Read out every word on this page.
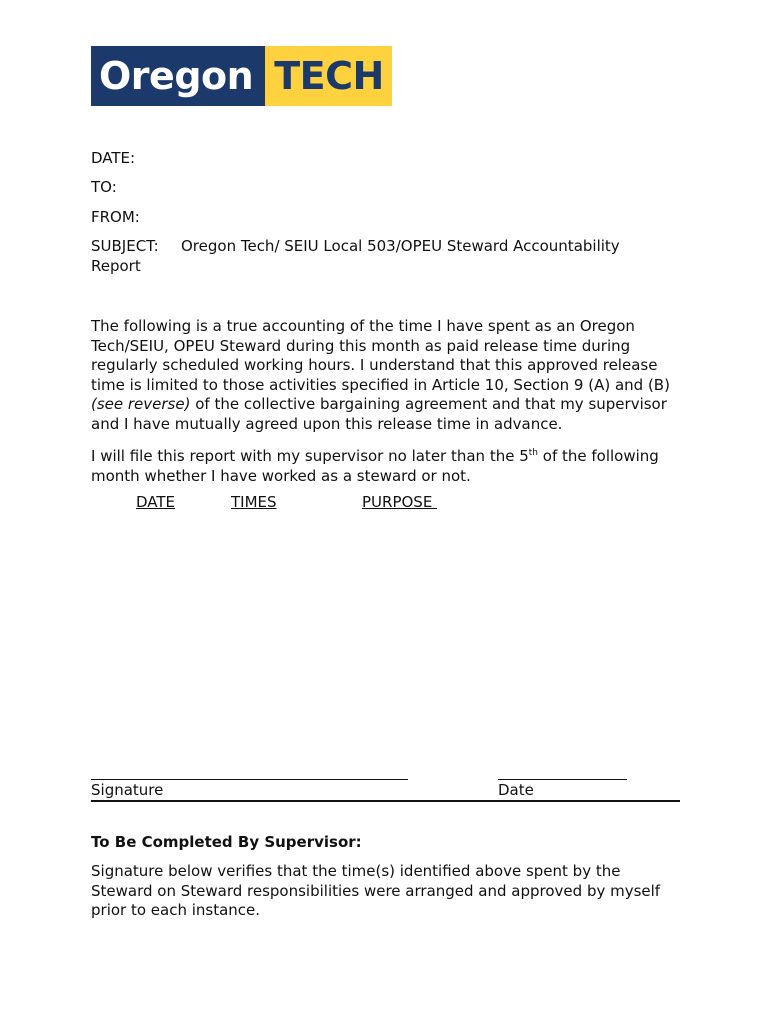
Oregon TECH
DATE:
TO:
FROM:
SUBJECT: Oregon Tech/ SEIU Local 503/OPEU Steward Accountability
Report

The following is a true accounting of the time I have spent as an Oregon Tech/SEIU, OPEU Steward during this month as paid release time during regularly scheduled working hours. I understand that this approved release time is limited to those activities specified in Article 10, Section 9 (A) and (B) (see reverse) of the collective bargaining agreement and that my supervisor and I have mutually agreed upon this release time in advance.

I will file this report with my supervisor no later than the 5th of the following month whether I have worked as a steward or not.

DATE	TIMES	PURPOSE
Signature	Date
To Be Completed By Supervisor:
Signature below verifies that the time(s) identified above spent by the Steward on Steward responsibilities were arranged and approved by myself prior to each instance.
